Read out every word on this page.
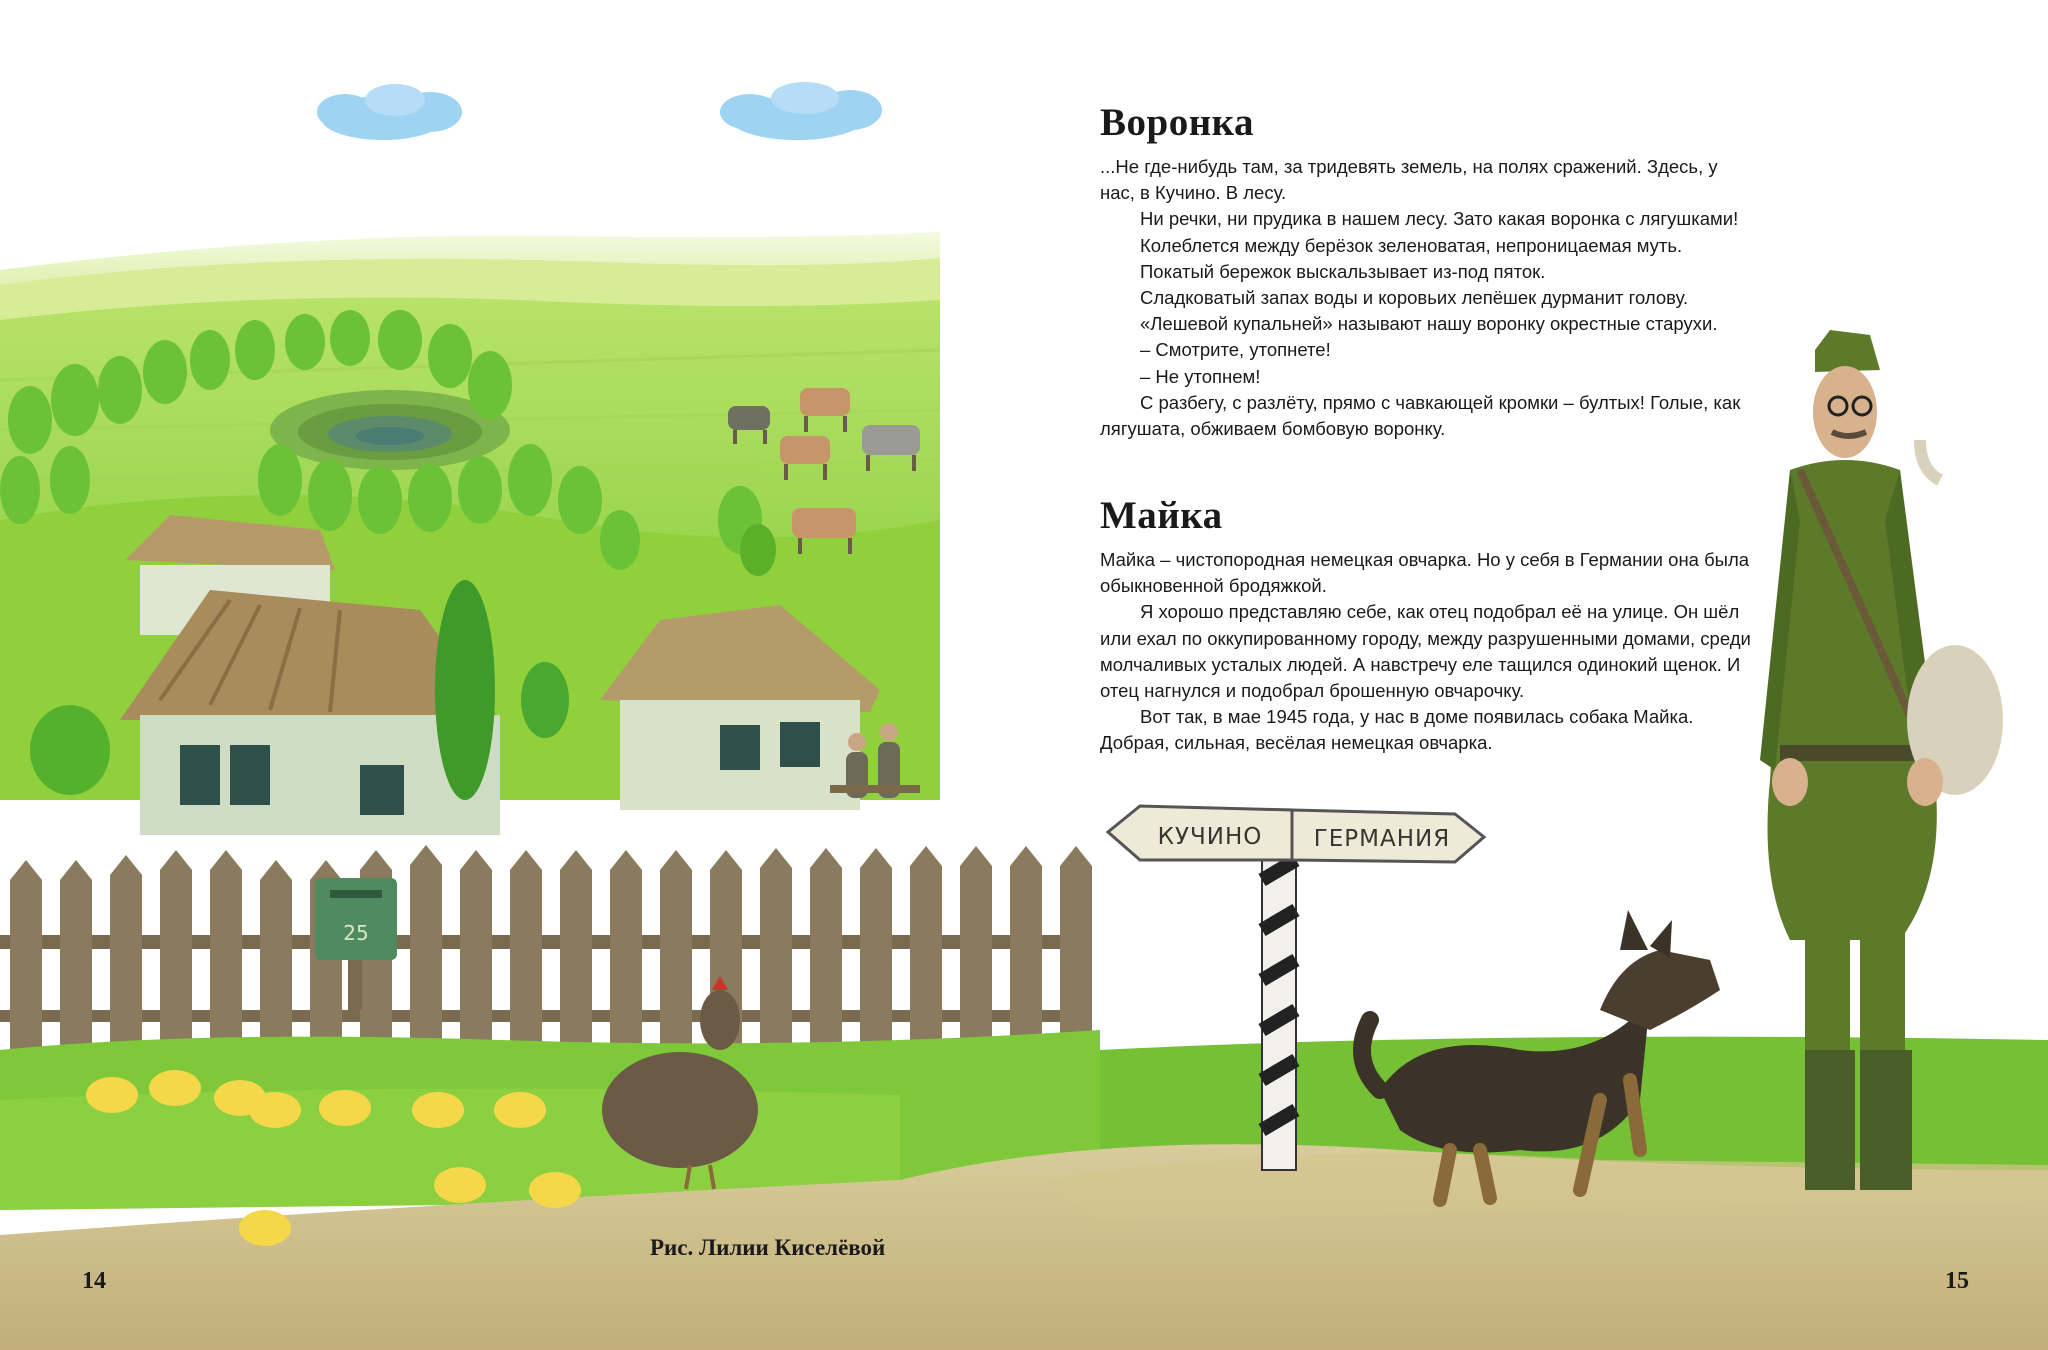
25
КУЧИНО ГЕРМАНИЯ
Воронка

...Не где-нибудь там, за тридевять земель, на полях сражений. Здесь, у нас, в Кучино. В лесу.

Ни речки, ни прудика в нашем лесу. Зато какая воронка с лягушками!

Колеблется между берёзок зеленоватая, непроницаемая муть.

Покатый бережок выскальзывает из-под пяток.

Сладковатый запах воды и коровьих лепёшек дурманит голову.

«Лешевой купальней» называют нашу воронку окрестные старухи.

– Смотрите, утопнете!

– Не утопнем!

С разбегу, с разлёту, прямо с чавкающей кромки – бултых! Голые, как лягушата, обживаем бомбовую воронку.

Майка

Майка – чистопородная немецкая овчарка. Но у себя в Германии она была обыкновенной бродяжкой.

Я хорошо представляю себе, как отец подобрал её на улице. Он шёл или ехал по оккупированному городу, между разрушенными домами, среди молчаливых усталых людей. А навстречу еле тащился одинокий щенок. И отец нагнулся и подобрал брошенную овчарочку.

Вот так, в мае 1945 года, у нас в доме появилась собака Майка. Добрая, сильная, весёлая немецкая овчарка.

Рис. Лилии Киселёвой
14	15
